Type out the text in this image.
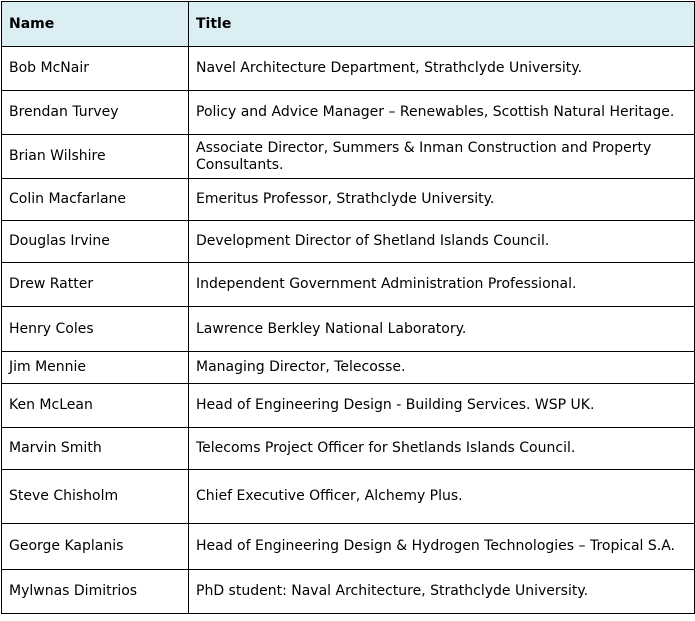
Name	Title
Bob McNair	Navel Architecture Department, Strathclyde University.
Brendan Turvey	Policy and Advice Manager – Renewables, Scottish Natural Heritage.
Brian Wilshire	Associate Director, Summers & Inman Construction and Property Consultants.
Colin Macfarlane	Emeritus Professor, Strathclyde University.
Douglas Irvine	Development Director of Shetland Islands Council.
Drew Ratter	Independent Government Administration Professional.
Henry Coles	Lawrence Berkley National Laboratory.
Jim Mennie	Managing Director, Telecosse.
Ken McLean	Head of Engineering Design - Building Services. WSP UK.
Marvin Smith	Telecoms Project Officer for Shetlands Islands Council.
Steve Chisholm	Chief Executive Officer, Alchemy Plus.
George Kaplanis	Head of Engineering Design & Hydrogen Technologies – Tropical S.A.
Mylwnas Dimitrios	PhD student: Naval Architecture, Strathclyde University.
